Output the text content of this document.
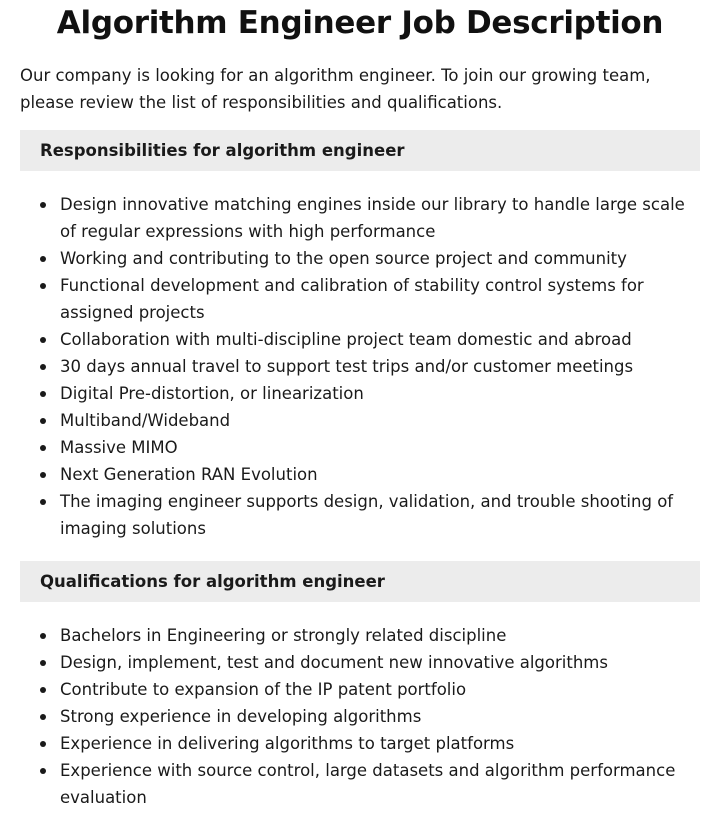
Algorithm Engineer Job Description

Our company is looking for an algorithm engineer. To join our growing team, please review the list of responsibilities and qualifications.

Responsibilities for algorithm engineer
Design innovative matching engines inside our library to handle large scale of regular expressions with high performance
Working and contributing to the open source project and community
Functional development and calibration of stability control systems for assigned projects
Collaboration with multi-discipline project team domestic and abroad
30 days annual travel to support test trips and/or customer meetings
Digital Pre-distortion, or linearization
Multiband/Wideband
Massive MIMO
Next Generation RAN Evolution
The imaging engineer supports design, validation, and trouble shooting of imaging solutions
Qualifications for algorithm engineer
Bachelors in Engineering or strongly related discipline
Design, implement, test and document new innovative algorithms
Contribute to expansion of the IP patent portfolio
Strong experience in developing algorithms
Experience in delivering algorithms to target platforms
Experience with source control, large datasets and algorithm performance evaluation
